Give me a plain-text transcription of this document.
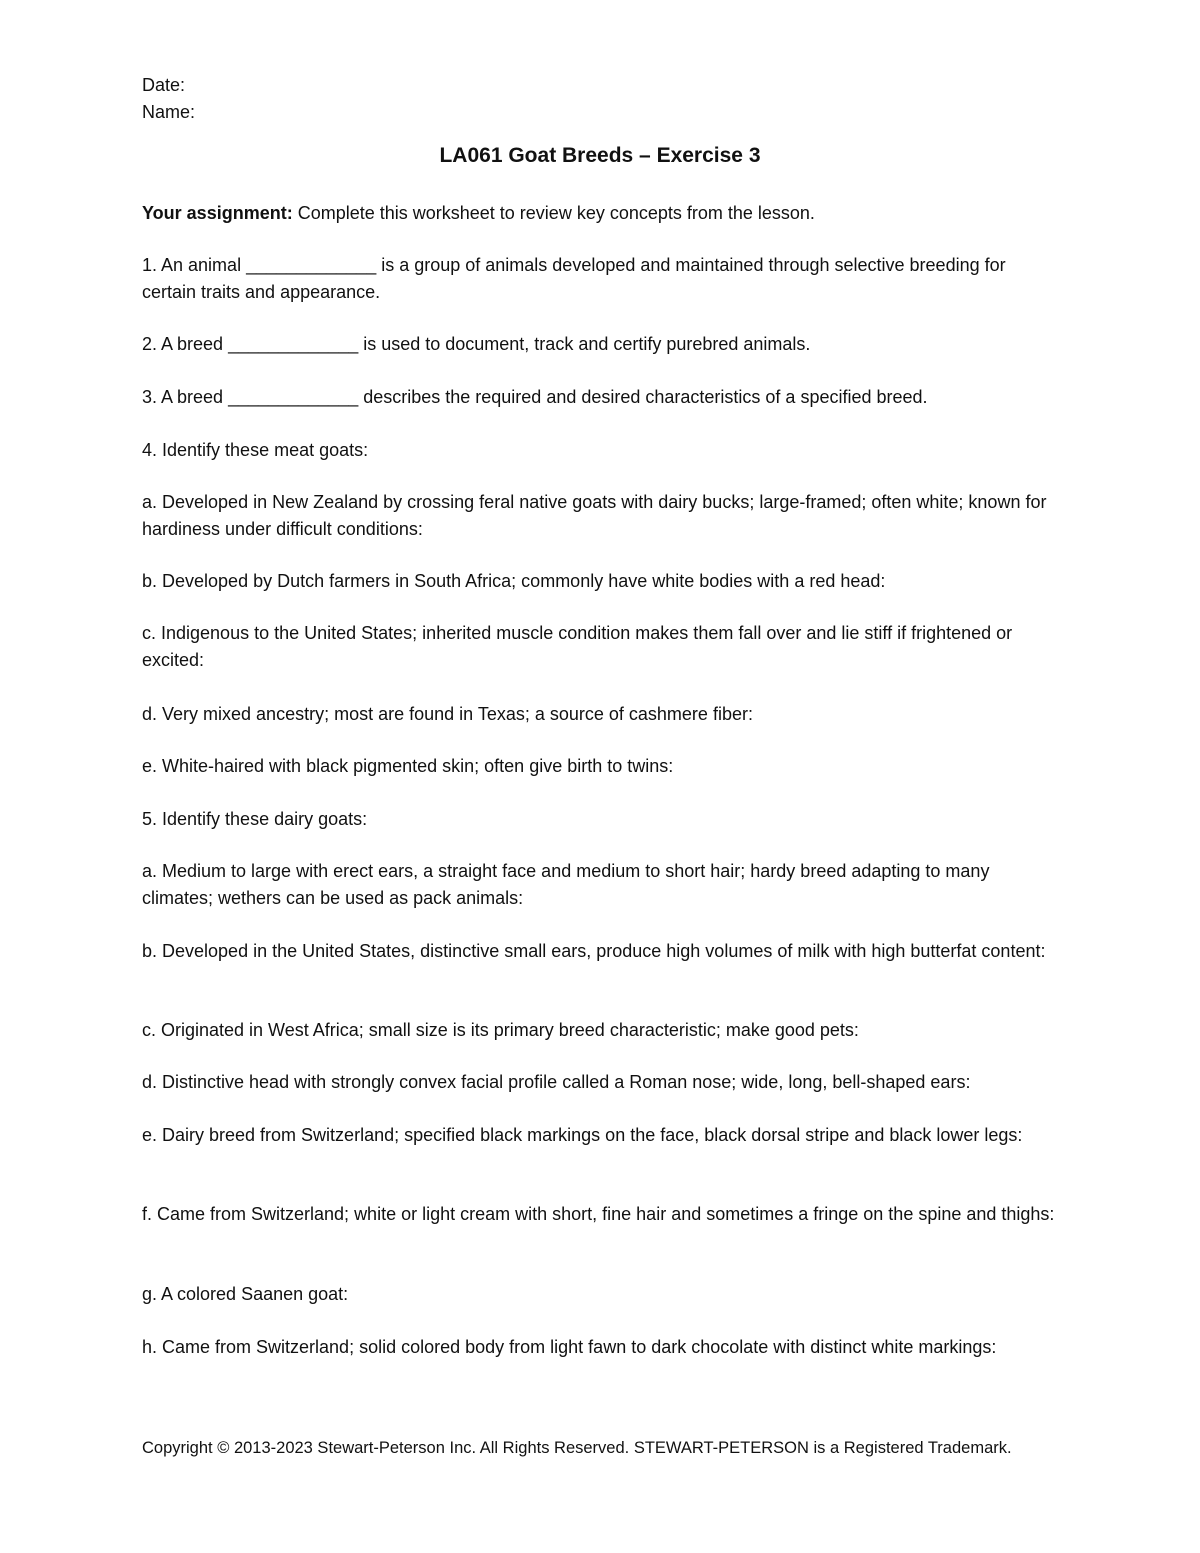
Date:

Name:

LA061 Goat Breeds – Exercise 3

Your assignment: Complete this worksheet to review key concepts from the lesson.

1. An animal _____________ is a group of animals developed and maintained through selective breeding for certain traits and appearance.

2. A breed _____________ is used to document, track and certify purebred animals.

3. A breed _____________ describes the required and desired characteristics of a specified breed.

4. Identify these meat goats:

a. Developed in New Zealand by crossing feral native goats with dairy bucks; large-framed; often white; known for hardiness under difficult conditions:

b. Developed by Dutch farmers in South Africa; commonly have white bodies with a red head:

c. Indigenous to the United States; inherited muscle condition makes them fall over and lie stiff if frightened or excited:

d. Very mixed ancestry; most are found in Texas; a source of cashmere fiber:

e. White-haired with black pigmented skin; often give birth to twins:

5. Identify these dairy goats:

a. Medium to large with erect ears, a straight face and medium to short hair; hardy breed adapting to many climates; wethers can be used as pack animals:

b. Developed in the United States, distinctive small ears, produce high volumes of milk with high butterfat content:

c. Originated in West Africa; small size is its primary breed characteristic; make good pets:

d. Distinctive head with strongly convex facial profile called a Roman nose; wide, long, bell-shaped ears:

e. Dairy breed from Switzerland; specified black markings on the face, black dorsal stripe and black lower legs:

f. Came from Switzerland; white or light cream with short, fine hair and sometimes a fringe on the spine and thighs:

g. A colored Saanen goat:

h. Came from Switzerland; solid colored body from light fawn to dark chocolate with distinct white markings:

Copyright © 2013-2023 Stewart-Peterson Inc. All Rights Reserved. STEWART-PETERSON is a Registered Trademark.
